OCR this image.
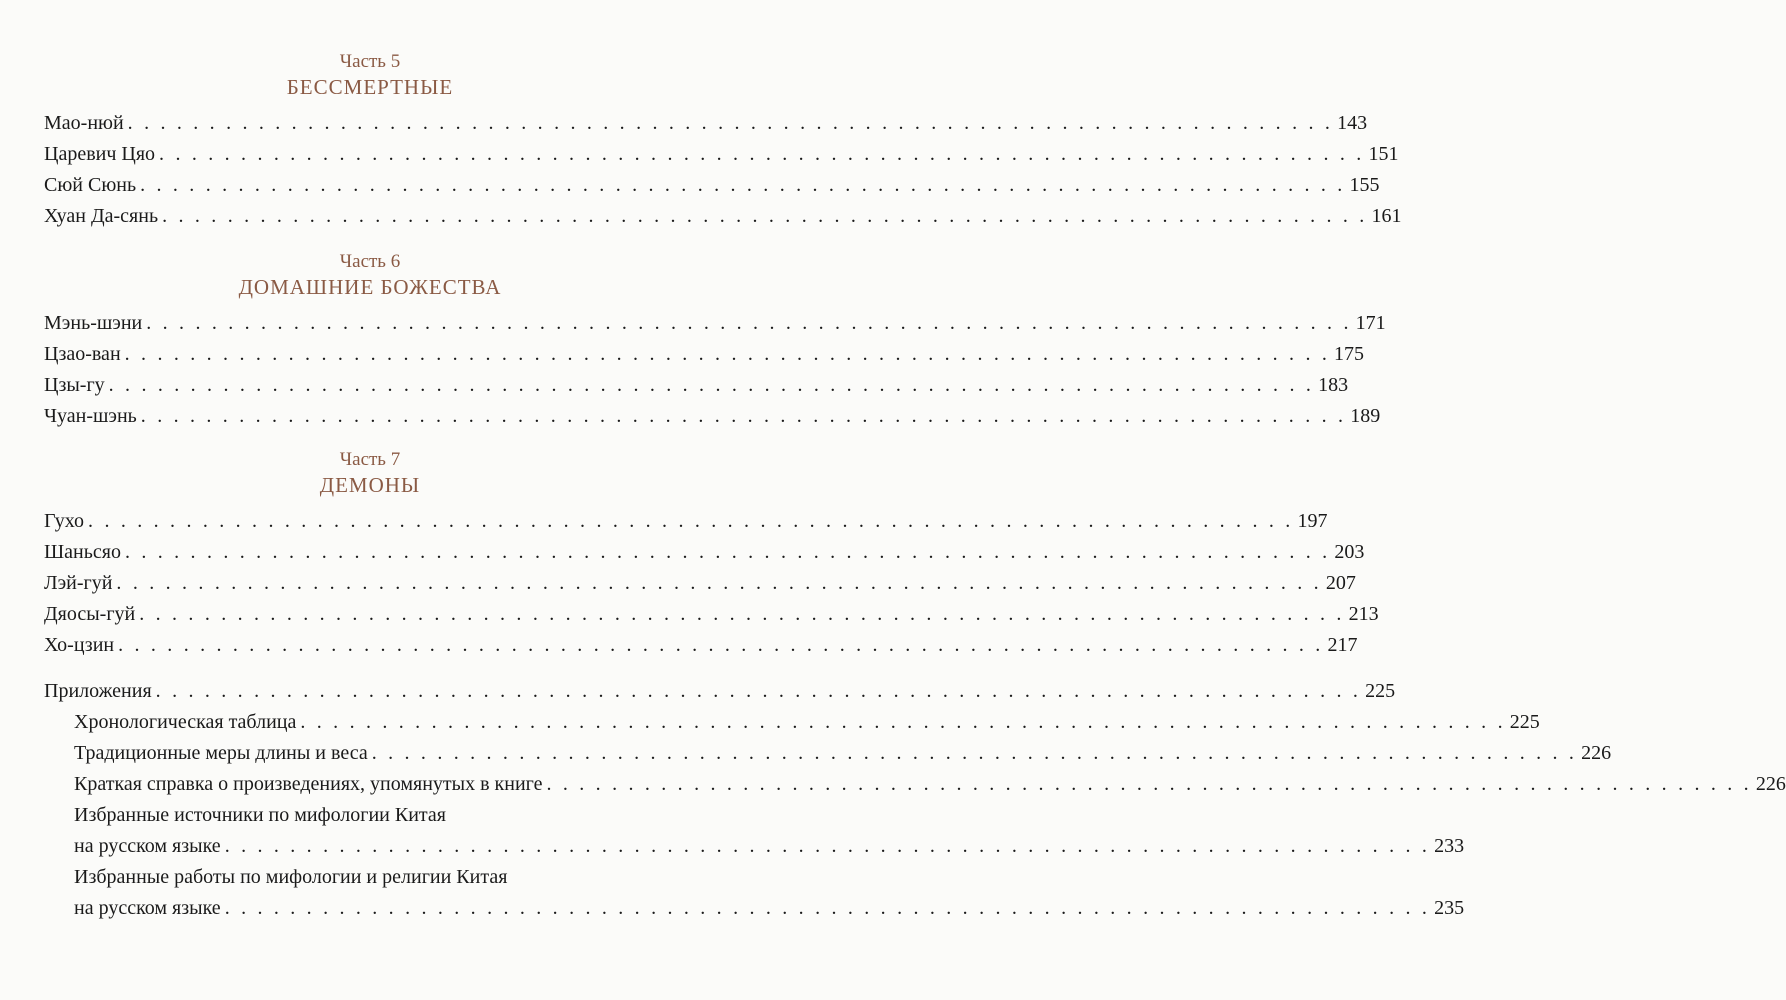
Часть 5
БЕССМЕРТНЫЕ
Мао-нюй . . . . . . . . . . . . . . . . . . . . . . . . . . . . . . . . . . . . . . . . . . . . . . . . . . . . . . . . . . . . . . . . . . . . . . . . . . 143
Царевич Цяо . . . . . . . . . . . . . . . . . . . . . . . . . . . . . . . . . . . . . . . . . . . . . . . . . . . . . . . . . . . . . . . . . . . . . . . . . . 151
Сюй Сюнь . . . . . . . . . . . . . . . . . . . . . . . . . . . . . . . . . . . . . . . . . . . . . . . . . . . . . . . . . . . . . . . . . . . . . . . . . . 155
Хуан Да-сянь . . . . . . . . . . . . . . . . . . . . . . . . . . . . . . . . . . . . . . . . . . . . . . . . . . . . . . . . . . . . . . . . . . . . . . . . . . 161
Часть 6
ДОМАШНИЕ БОЖЕСТВА
Мэнь-шэни . . . . . . . . . . . . . . . . . . . . . . . . . . . . . . . . . . . . . . . . . . . . . . . . . . . . . . . . . . . . . . . . . . . . . . . . . . 171
Цзао-ван . . . . . . . . . . . . . . . . . . . . . . . . . . . . . . . . . . . . . . . . . . . . . . . . . . . . . . . . . . . . . . . . . . . . . . . . . . 175
Цзы-гу . . . . . . . . . . . . . . . . . . . . . . . . . . . . . . . . . . . . . . . . . . . . . . . . . . . . . . . . . . . . . . . . . . . . . . . . . . 183
Чуан-шэнь . . . . . . . . . . . . . . . . . . . . . . . . . . . . . . . . . . . . . . . . . . . . . . . . . . . . . . . . . . . . . . . . . . . . . . . . . . 189
Часть 7
ДЕМОНЫ
Гухо . . . . . . . . . . . . . . . . . . . . . . . . . . . . . . . . . . . . . . . . . . . . . . . . . . . . . . . . . . . . . . . . . . . . . . . . . . 197
Шаньсяо . . . . . . . . . . . . . . . . . . . . . . . . . . . . . . . . . . . . . . . . . . . . . . . . . . . . . . . . . . . . . . . . . . . . . . . . . . 203
Лэй-гуй . . . . . . . . . . . . . . . . . . . . . . . . . . . . . . . . . . . . . . . . . . . . . . . . . . . . . . . . . . . . . . . . . . . . . . . . . . 207
Дяосы-гуй . . . . . . . . . . . . . . . . . . . . . . . . . . . . . . . . . . . . . . . . . . . . . . . . . . . . . . . . . . . . . . . . . . . . . . . . . . 213
Хо-цзин . . . . . . . . . . . . . . . . . . . . . . . . . . . . . . . . . . . . . . . . . . . . . . . . . . . . . . . . . . . . . . . . . . . . . . . . . . 217
Приложения . . . . . . . . . . . . . . . . . . . . . . . . . . . . . . . . . . . . . . . . . . . . . . . . . . . . . . . . . . . . . . . . . . . . . . . . . . 225
Хронологическая таблица . . . . . . . . . . . . . . . . . . . . . . . . . . . . . . . . . . . . . . . . . . . . . . . . . . . . . . . . . . . . . . . . . . . . . . . . . . 225
Традиционные меры длины и веса . . . . . . . . . . . . . . . . . . . . . . . . . . . . . . . . . . . . . . . . . . . . . . . . . . . . . . . . . . . . . . . . . . . . . . . . . . 226
Краткая справка о произведениях, упомянутых в книге . . . . . . . . . . . . . . . . . . . . . . . . . . . . . . . . . . . . . . . . . . . . . . . . . . . . . . . . . . . . . . . . . . . . . . . . . . 226
Избранные источники по мифологии Китая
на русском языке . . . . . . . . . . . . . . . . . . . . . . . . . . . . . . . . . . . . . . . . . . . . . . . . . . . . . . . . . . . . . . . . . . . . . . . . . . 233
Избранные работы по мифологии и религии Китая
на русском языке . . . . . . . . . . . . . . . . . . . . . . . . . . . . . . . . . . . . . . . . . . . . . . . . . . . . . . . . . . . . . . . . . . . . . . . . . . 235
